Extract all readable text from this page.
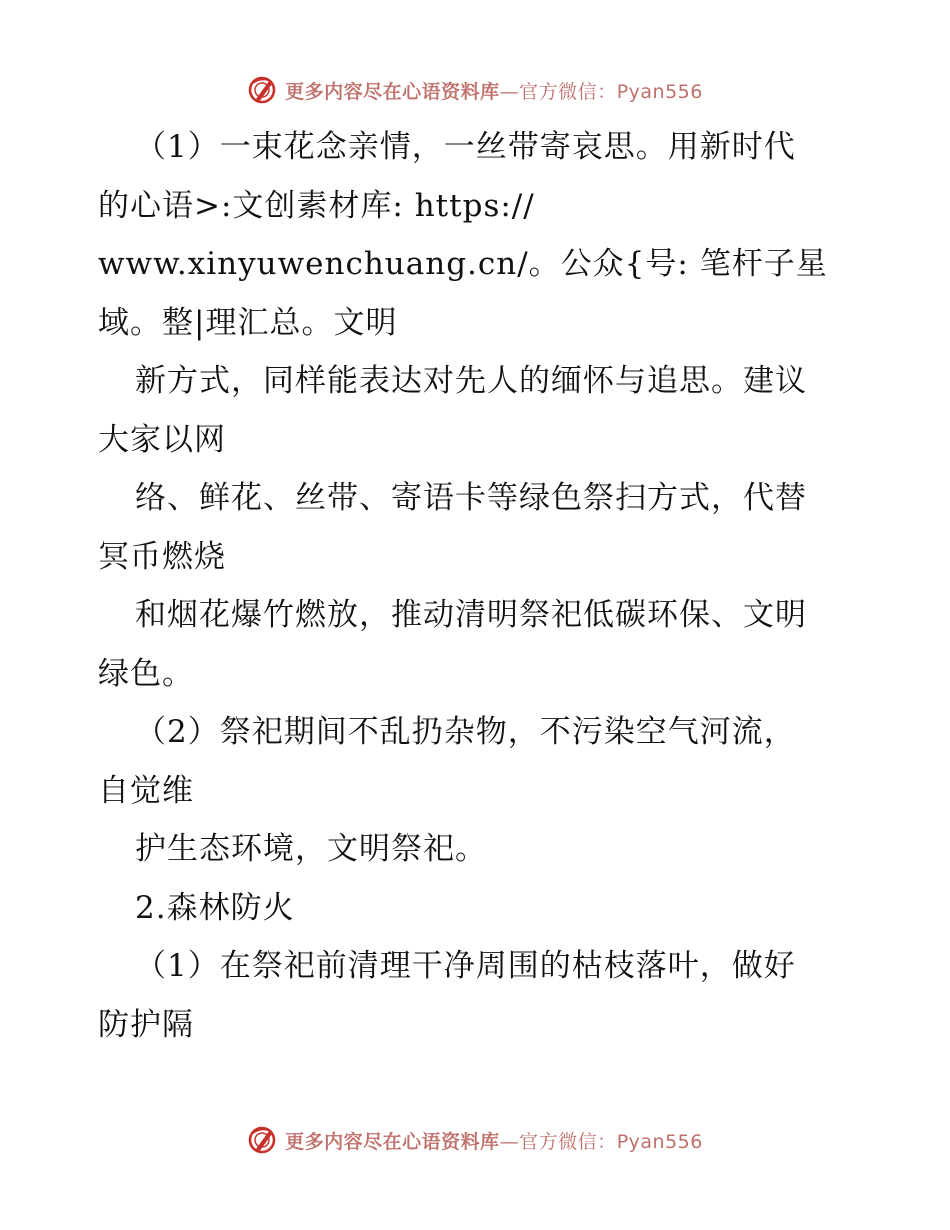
更多内容尽在心语资料库—官方微信：Pyan556
（1）一束花念亲情，一丝带寄哀思。用新时代
的心语>:文创素材库: https://
www.xinyuwenchuang.cn/。公众{号: 笔杆子星
域。整|理汇总。文明
新方式，同样能表达对先人的缅怀与追思。建议
大家以网
络、鲜花、丝带、寄语卡等绿色祭扫方式，代替
冥币燃烧
和烟花爆竹燃放，推动清明祭祀低碳环保、文明
绿色。
（2）祭祀期间不乱扔杂物，不污染空气河流，
自觉维
护生态环境，文明祭祀。
2.森林防火
（1）在祭祀前清理干净周围的枯枝落叶，做好
防护隔
更多内容尽在心语资料库—官方微信：Pyan556
